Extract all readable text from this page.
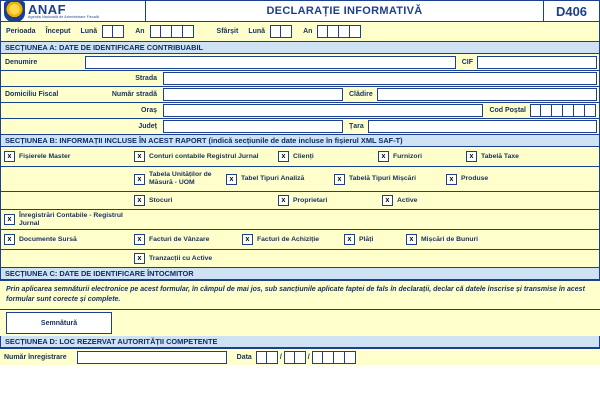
ANAF
Agenția Națională de Administrare Fiscală	DECLARAȚIE INFORMATIVĂ	D406
Perioada	Început	Lună	An	Sfârșit	Lună	An
SECȚIUNEA A: DATE DE IDENTIFICARE CONTRIBUABIL
Denumire	CIF
Strada
Domiciliu Fiscal	Număr stradă	Clădire
Oraș	Cod Poștal
Județ	Țara
SECȚIUNEA B: INFORMAȚII INCLUSE ÎN ACEST RAPORT (indică secțiunile de date incluse în fișierul XML SAF-T)
x	Fișierele Master	x	Conturi contabile Registrul Jurnal	x	Clienți	x	Furnizori	x	Tabelă Taxe
x
Tabela Unităților de Măsură - UOM	x	Tabel Tipuri Analiză	x	Tabelă Tipuri Mișcări	x	Produse
x	Stocuri	x	Proprietari	x	Active
x
Înregistrări Contabile - Registrul Jurnal
x	Documente Sursă	x	Facturi de Vânzare	x	Facturi de Achiziție	x	Plăți	x	Mișcări de Bunuri
x	Tranzacții cu Active
SECȚIUNEA C: DATE DE IDENTIFICARE ÎNTOCMITOR
Prin aplicarea semnăturii electronice pe acest formular, în câmpul de mai jos, sub sancțiunile aplicate faptei de fals în declarații, declar că datele înscrise și transmise în acest formular sunt corecte și complete.
Semnătură
SECȚIUNEA D: LOC REZERVAT AUTORITĂȚII COMPETENTE
Număr înregistrare	Data	/	/
